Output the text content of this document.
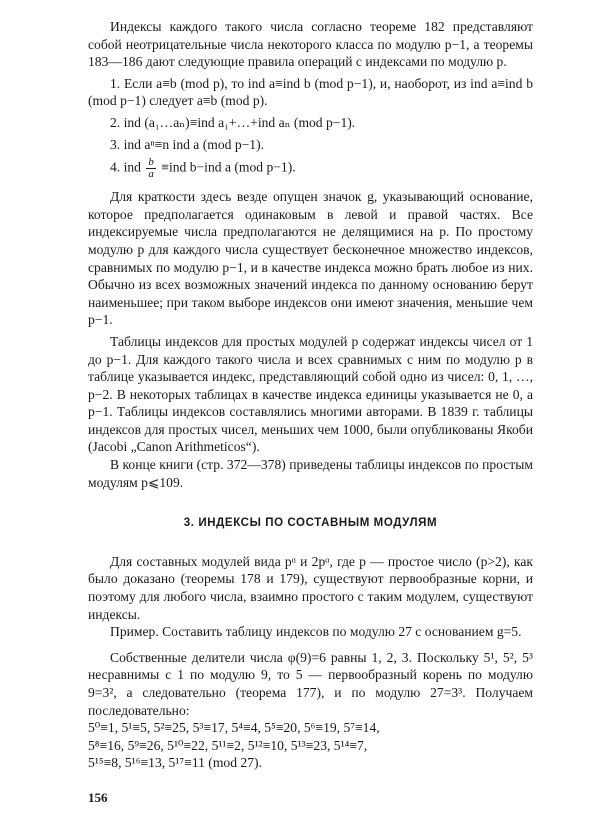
Индексы каждого такого числа согласно теореме 182 представляют собой неотрицательные числа некоторого класса по модулю p−1, а теоремы 183—186 дают следующие правила операций с индексами по модулю p.

1. Если a≡b (mod p), то ind a≡ind b (mod p−1), и, наоборот, из ind a≡ind b (mod p−1) следует a≡b (mod p).

2. ind (a₁…aₙ)≡ind a₁+…+ind aₙ (mod p−1).

3. ind aⁿ≡n ind a (mod p−1).

4. ind $\frac{b}{a} \equiv ind$ b−ind a (mod p−1).

Для краткости здесь везде опущен значок g, указывающий основание, которое предполагается одинаковым в левой и правой частях. Все индексируемые числа предполагаются не делящимися на p. По простому модулю p для каждого числа существует бесконечное множество индексов, сравнимых по модулю p−1, и в качестве индекса можно брать любое из них. Обычно из всех возможных значений индекса по данному основанию берут наименьшее; при таком выборе индексов они имеют значения, меньшие чем p−1.

Таблицы индексов для простых модулей p содержат индексы чисел от 1 до p−1. Для каждого такого числа и всех сравнимых с ним по модулю p в таблице указывается индекс, представляющий собой одно из чисел: 0, 1, …, p−2. В некоторых таблицах в качестве индекса единицы указывается не 0, а p−1. Таблицы индексов составлялись многими авторами. В 1839 г. таблицы индексов для простых чисел, меньших чем 1000, были опубликованы Якоби (Jacobi „Canon Arithmeticos“).

В конце книги (стр. 372—378) приведены таблицы индексов по простым модулям p⩽109.

3. ИНДЕКСЫ ПО СОСТАВНЫМ МОДУЛЯМ

Для составных модулей вида pᵅ и 2pᵅ, где p — простое число (p>2), как было доказано (теоремы 178 и 179), существуют первообразные корни, и поэтому для любого числа, взаимно простого с таким модулем, существуют индексы.

Пример. Составить таблицу индексов по модулю 27 с основанием g=5.

Собственные делители числа φ(9)=6 равны 1, 2, 3. Поскольку 5¹, 5², 5³ несравнимы с 1 по модулю 9, то 5 — первообразный корень по модулю 9=3², а следовательно (теорема 177), и по модулю 27=3³. Получаем последовательно:

5⁰≡1, 5¹≡5, 5²≡25, 5³≡17, 5⁴≡4, 5⁵≡20, 5⁶≡19, 5⁷≡14,

5⁸≡16, 5⁹≡26, 5¹⁰≡22, 5¹¹≡2, 5¹²≡10, 5¹³≡23, 5¹⁴≡7,

5¹⁵≡8, 5¹⁶≡13, 5¹⁷≡11 (mod 27).

156
